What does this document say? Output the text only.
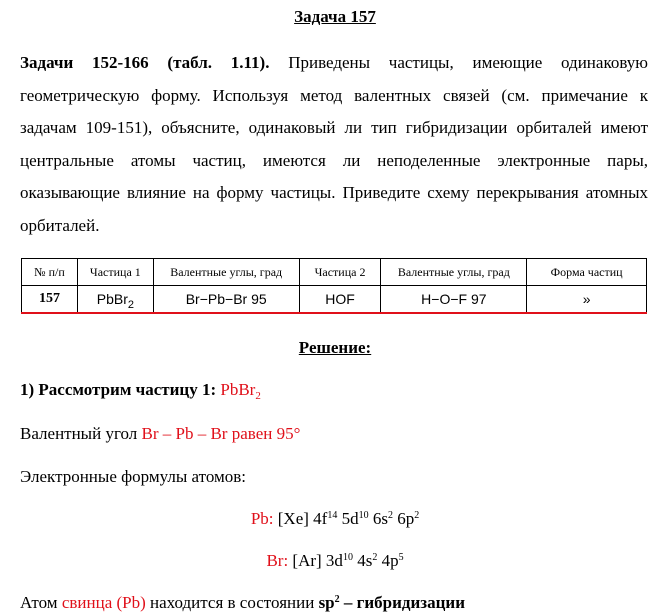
Задача 157

Задачи 152-166 (табл. 1.11). Приведены частицы, имеющие одинаковую геометрическую форму. Используя метод валентных связей (см. примечание к задачам 109-151), объясните, одинаковый ли тип гибридизации орбиталей имеют центральные атомы частиц, имеются ли неподеленные электронные пары, оказывающие влияние на форму частицы. Приведите схему перекрывания атомных орбиталей.

№ п/п	Частица 1	Валентные углы, град	Частица 2	Валентные углы, град	Форма частиц
157	PbBr$_2$	Br−Pb−Br 95	HOF	H−O−F 97	»
Решение:
1) Рассмотрим частицу 1: PbBr$_2$
Валентный угол Br – Pb – Br равен 95°
Электронные формулы атомов:
Pb: [Xe] $4f^{14}$ $5d^{10}$ $6s^2$ $6p^2$
Br: [Ar] $3d^{10}$ $4s^2$ $4p^5$
Атом свинца (Pb) находится в состоянии $sp^2$ – гибридизации
